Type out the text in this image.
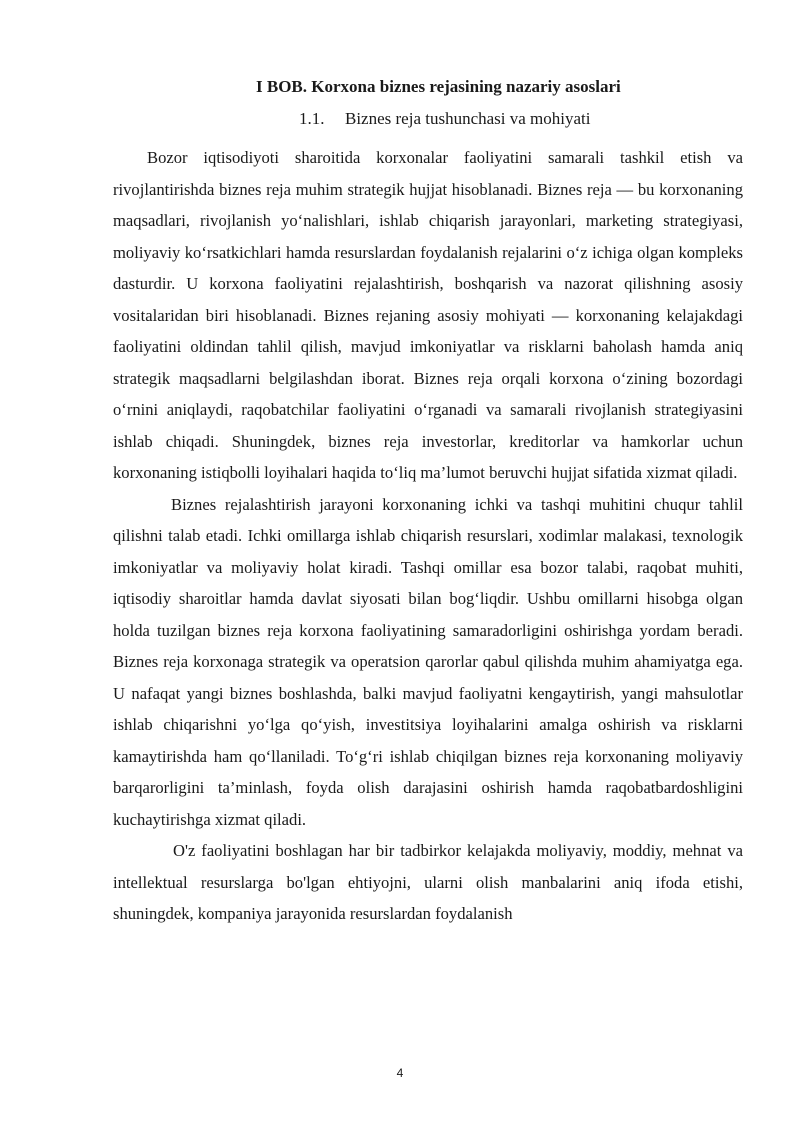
I BOB. Korxona biznes rejasining nazariy asoslari
1.1. Biznes reja tushunchasi va mohiyati

Bozor iqtisodiyoti sharoitida korxonalar faoliyatini samarali tashkil etish va rivojlantirishda biznes reja muhim strategik hujjat hisoblanadi. Biznes reja — bu korxonaning maqsadlari, rivojlanish yo‘nalishlari, ishlab chiqarish jarayonlari, marketing strategiyasi, moliyaviy ko‘rsatkichlari hamda resurslardan foydalanish rejalarini o‘z ichiga olgan kompleks dasturdir. U korxona faoliyatini rejalashtirish, boshqarish va nazorat qilishning asosiy vositalaridan biri hisoblanadi. Biznes rejaning asosiy mohiyati — korxonaning kelajakdagi faoliyatini oldindan tahlil qilish, mavjud imkoniyatlar va risklarni baholash hamda aniq strategik maqsadlarni belgilashdan iborat. Biznes reja orqali korxona o‘zining bozordagi o‘rnini aniqlaydi, raqobatchilar faoliyatini o‘rganadi va samarali rivojlanish strategiyasini ishlab chiqadi. Shuningdek, biznes reja investorlar, kreditorlar va hamkorlar uchun korxonaning istiqbolli loyihalari haqida to‘liq ma’lumot beruvchi hujjat sifatida xizmat qiladi.

Biznes rejalashtirish jarayoni korxonaning ichki va tashqi muhitini chuqur tahlil qilishni talab etadi. Ichki omillarga ishlab chiqarish resurslari, xodimlar malakasi, texnologik imkoniyatlar va moliyaviy holat kiradi. Tashqi omillar esa bozor talabi, raqobat muhiti, iqtisodiy sharoitlar hamda davlat siyosati bilan bog‘liqdir. Ushbu omillarni hisobga olgan holda tuzilgan biznes reja korxona faoliyatining samaradorligini oshirishga yordam beradi. Biznes reja korxonaga strategik va operatsion qarorlar qabul qilishda muhim ahamiyatga ega. U nafaqat yangi biznes boshlashda, balki mavjud faoliyatni kengaytirish, yangi mahsulotlar ishlab chiqarishni yo‘lga qo‘yish, investitsiya loyihalarini amalga oshirish va risklarni kamaytirishda ham qo‘llaniladi. To‘g‘ri ishlab chiqilgan biznes reja korxonaning moliyaviy barqarorligini ta’minlash, foyda olish darajasini oshirish hamda raqobatbardoshligini kuchaytirishga xizmat qiladi.

O'z faoliyatini boshlagan har bir tadbirkor kelajakda moliyaviy, moddiy, mehnat va intellektual resurslarga bo'lgan ehtiyojni, ularni olish manbalarini aniq ifoda etishi, shuningdek, kompaniya jarayonida resurslardan foydalanish

4
